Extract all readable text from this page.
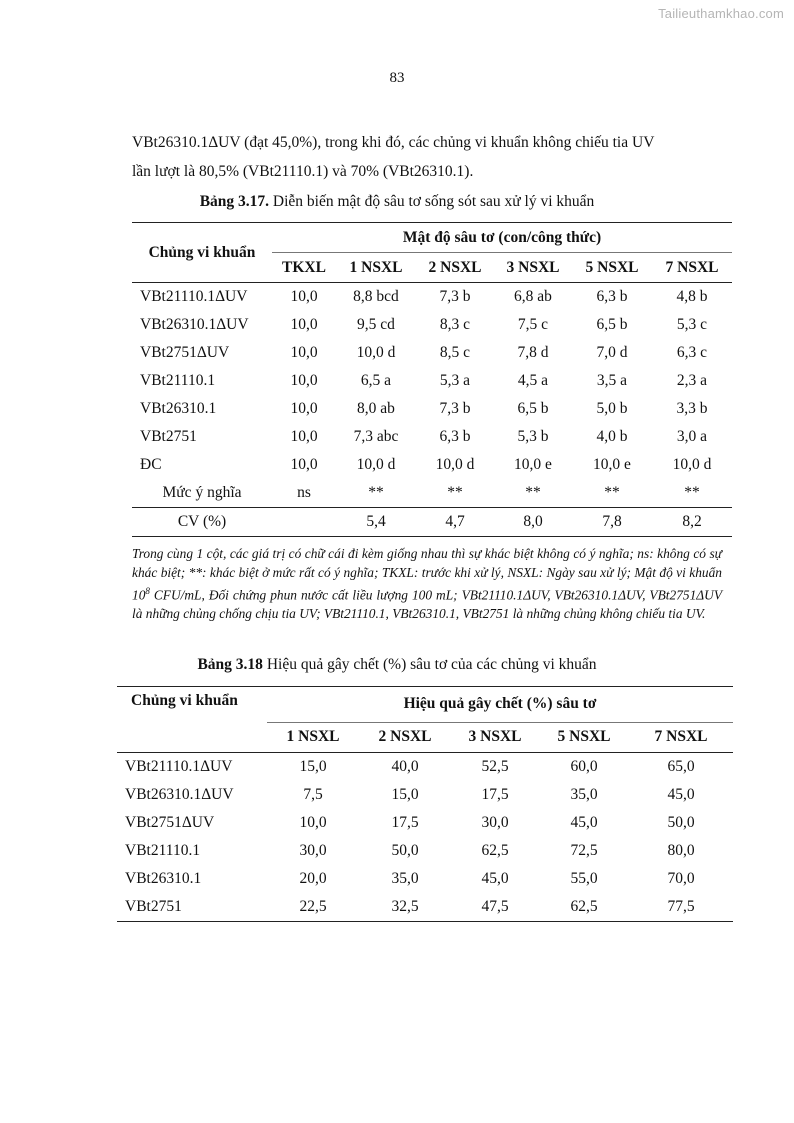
Tailieuthamkhao.com
83

VBt26310.1ΔUV (đạt 45,0%), trong khi đó, các chủng vi khuẩn không chiếu tia UV

lần lượt là 80,5% (VBt21110.1) và 70% (VBt26310.1).

Bảng 3.17. Diễn biến mật độ sâu tơ sống sót sau xử lý vi khuẩn
Chủng vi khuẩn	Mật độ sâu tơ (con/công thức)					
	TKXL	1 NSXL	2 NSXL	3 NSXL	5 NSXL	7 NSXL
VBt21110.1ΔUV	10,0	8,8 bcd	7,3 b	6,8 ab	6,3 b	4,8 b
VBt26310.1ΔUV	10,0	9,5 cd	8,3 c	7,5 c	6,5 b	5,3 c
VBt2751ΔUV	10,0	10,0 d	8,5 c	7,8 d	7,0 d	6,3 c
VBt21110.1	10,0	6,5 a	5,3 a	4,5 a	3,5 a	2,3 a
VBt26310.1	10,0	8,0 ab	7,3 b	6,5 b	5,0 b	3,3 b
VBt2751	10,0	7,3 abc	6,3 b	5,3 b	4,0 b	3,0 a
ĐC	10,0	10,0 d	10,0 d	10,0 e	10,0 e	10,0 d
Mức ý nghĩa	ns	**	**	**	**	**
CV (%)		5,4	4,7	8,0	7,8	8,2
Trong cùng 1 cột, các giá trị có chữ cái đi kèm giống nhau thì sự khác biệt không có ý nghĩa; ns: không có sự khác biệt; **: khác biệt ở mức rất có ý nghĩa; TKXL: trước khi xử lý, NSXL: Ngày sau xử lý; Mật độ vi khuẩn $10^8$ CFU/mL, Đối chứng phun nước cất liều lượng 100 mL; VBt21110.1ΔUV, VBt26310.1ΔUV, VBt2751ΔUV là những chủng chống chịu tia UV; VBt21110.1, VBt26310.1, VBt2751 là những chủng không chiếu tia UV.
Bảng 3.18 Hiệu quả gây chết (%) sâu tơ của các chủng vi khuẩn
Chủng vi khuẩn	Hiệu quả gây chết (%) sâu tơ				
	1 NSXL	2 NSXL	3 NSXL	5 NSXL	7 NSXL
VBt21110.1ΔUV	15,0	40,0	52,5	60,0	65,0
VBt26310.1ΔUV	7,5	15,0	17,5	35,0	45,0
VBt2751ΔUV	10,0	17,5	30,0	45,0	50,0
VBt21110.1	30,0	50,0	62,5	72,5	80,0
VBt26310.1	20,0	35,0	45,0	55,0	70,0
VBt2751	22,5	32,5	47,5	62,5	77,5
